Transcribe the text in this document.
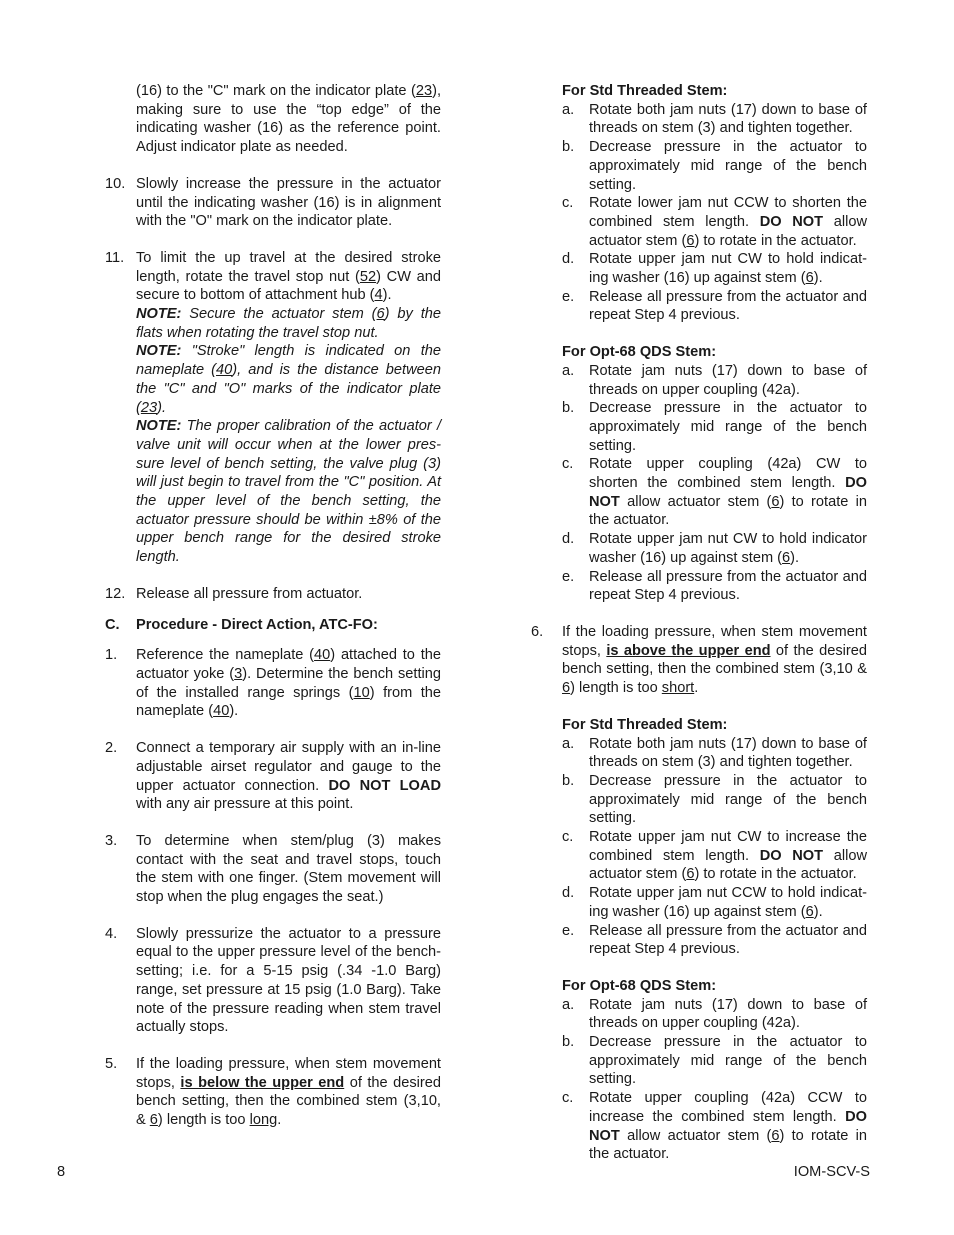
(16) to the "C" mark on the indicator plate (23), making sure to use the “top edge” of the indicating washer (16) as the reference point. Adjust indicator plate as needed.

10. Slowly increase the pressure in the actuator until the indicating washer (16) is in alignment with the "O" mark on the indicator plate.

11. To limit the up travel at the desired stroke length, rotate the travel stop nut (52) CW and secure to bottom of attachment hub (4).

NOTE: Secure the actuator stem (6) by the flats when rotating the travel stop nut.

NOTE: "Stroke" length is indicated on the nameplate (40), and is the distance between the "C" and "O" marks of the indicator plate (23).

NOTE: The proper calibration of the actuator / valve unit will occur when at the lower pres-sure level of bench setting, the valve plug (3) will just begin to travel from the "C" position. At the upper level of the bench setting, the actuator pressure should be within ±8% of the upper bench range for the desired stroke length.

12. Release all pressure from actuator.

C.	Procedure - Direct Action, ATC-FO:
1.	Reference the nameplate (40) attached to the actuator yoke (3). Determine the bench setting of the installed range springs (10) from the nameplate (40).

2.	Connect a temporary air supply with an in-line adjustable airset regulator and gauge to the upper actuator connection. DO NOT LOAD with any air pressure at this point.

3.	To determine when stem/plug (3) makes contact with the seat and travel stops, touch the stem with one finger. (Stem movement will stop when the plug engages the seat.)

4.	Slowly pressurize the actuator to a pressure equal to the upper pressure level of the bench-setting; i.e. for a 5-15 psig (.34 -1.0 Barg) range, set pressure at 15 psig (1.0 Barg). Take note of the pressure reading when stem travel actually stops.

5.	If the loading pressure, when stem movement stops, is below the upper end of the desired bench setting, then the combined stem (3,10, & 6) length is too long.

For Std Threaded Stem:

a.	Rotate both jam nuts (17) down to base of threads on stem (3) and tighten together.

b.	Decrease pressure in the actuator to approximately mid range of the bench setting.

c.	Rotate lower jam nut CCW to shorten the combined stem length. DO NOT allow actuator stem (6) to rotate in the actuator.

d.	Rotate upper jam nut CW to hold indicat-ing washer (16) up against stem (6).

e.	Release all pressure from the actuator and repeat Step 4 previous.

For Opt-68 QDS Stem:

a.	Rotate jam nuts (17) down to base of threads on upper coupling (42a).

b.	Decrease pressure in the actuator to approximately mid range of the bench setting.

c.	Rotate upper coupling (42a) CW to shorten the combined stem length. DO NOT allow actuator stem (6) to rotate in the actuator.

d.	Rotate upper jam nut CW to hold indicator washer (16) up against stem (6).

e.	Release all pressure from the actuator and repeat Step 4 previous.

6.	If the loading pressure, when stem movement stops, is above the upper end of the desired bench setting, then the combined stem (3,10 & 6) length is too short.

For Std Threaded Stem:

a.	Rotate both jam nuts (17) down to base of threads on stem (3) and tighten together.

b.	Decrease pressure in the actuator to approximately mid range of the bench setting.

c.	Rotate upper jam nut CW to increase the combined stem length. DO NOT allow actuator stem (6) to rotate in the actuator.

d.	Rotate upper jam nut CCW to hold indicat-ing washer (16) up against stem (6).

e.	Release all pressure from the actuator and repeat Step 4 previous.

For Opt-68 QDS Stem:

a.	Rotate jam nuts (17) down to base of threads on upper coupling (42a).

b.	Decrease pressure in the actuator to approximately mid range of the bench setting.

c.	Rotate upper coupling (42a) CCW to increase the combined stem length. DO NOT allow actuator stem (6) to rotate in the actuator.

8	IOM-SCV-S
